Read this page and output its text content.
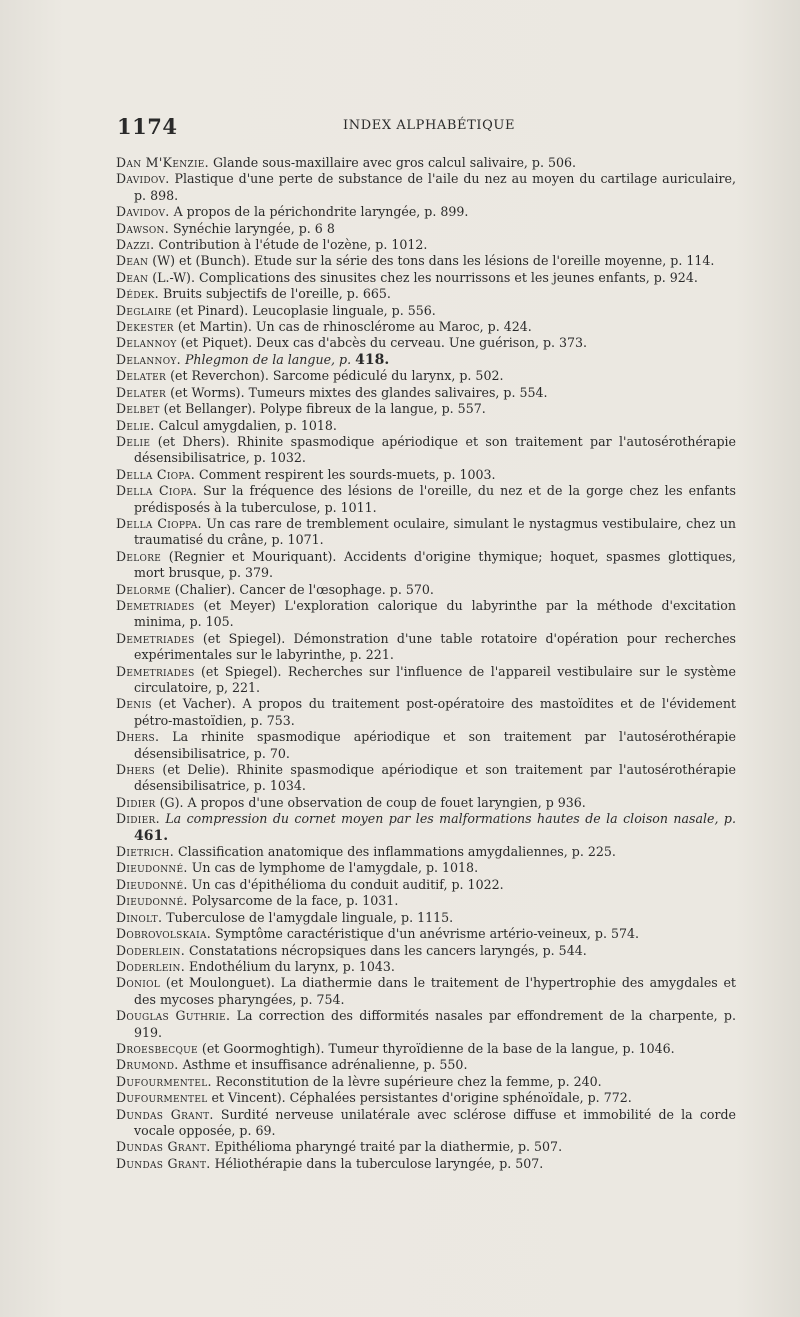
1174	INDEX ALPHABÉTIQUE
Dan M'Kenzie. Glande sous-maxillaire avec gros calcul salivaire, p. 506.
Davidov. Plastique d'une perte de substance de l'aile du nez au moyen du cartilage auriculaire, p. 898.
Davidov. A propos de la périchondrite laryngée, p. 899.
Dawson. Synéchie laryngée, p. 6 8
Dazzi. Contribution à l'étude de l'ozène, p. 1012.
Dean (W) et (Bunch). Etude sur la série des tons dans les lésions de l'oreille moyenne, p. 114.
Dean (L.-W). Complications des sinusites chez les nourrissons et les jeunes enfants, p. 924.
Dédek. Bruits subjectifs de l'oreille, p. 665.
Deglaire (et Pinard). Leucoplasie linguale, p. 556.
Dekester (et Martin). Un cas de rhinosclérome au Maroc, p. 424.
Delannoy (et Piquet). Deux cas d'abcès du cerveau. Une guérison, p. 373.
Delannoy. Phlegmon de la langue, p. 418.
Delater (et Reverchon). Sarcome pédiculé du larynx, p. 502.
Delater (et Worms). Tumeurs mixtes des glandes salivaires, p. 554.
Delbet (et Bellanger). Polype fibreux de la langue, p. 557.
Delie. Calcul amygdalien, p. 1018.
Delie (et Dhers). Rhinite spasmodique apériodique et son traitement par l'autosérothérapie désensibilisatrice, p. 1032.
Della Ciopa. Comment respirent les sourds-muets, p. 1003.
Della Ciopa. Sur la fréquence des lésions de l'oreille, du nez et de la gorge chez les enfants prédisposés à la tuberculose, p. 1011.
Della Cioppa. Un cas rare de tremblement oculaire, simulant le nystagmus vestibulaire, chez un traumatisé du crâne, p. 1071.
Delore (Regnier et Mouriquant). Accidents d'origine thymique; hoquet, spasmes glottiques, mort brusque, p. 379.
Delorme (Chalier). Cancer de l'œsophage. p. 570.
Demetriades (et Meyer) L'exploration calorique du labyrinthe par la méthode d'excitation minima, p. 105.
Demetriades (et Spiegel). Démonstration d'une table rotatoire d'opération pour recherches expérimentales sur le labyrinthe, p. 221.
Demetriades (et Spiegel). Recherches sur l'influence de l'appareil vestibulaire sur le système circulatoire, p, 221.
Denis (et Vacher). A propos du traitement post-opératoire des mastoïdites et de l'évidement pétro-mastoïdien, p. 753.
Dhers. La rhinite spasmodique apériodique et son traitement par l'autosérothérapie désensibilisatrice, p. 70.
Dhers (et Delie). Rhinite spasmodique apériodique et son traitement par l'autosérothérapie désensibilisatrice, p. 1034.
Didier (G). A propos d'une observation de coup de fouet laryngien, p 936.
Didier. La compression du cornet moyen par les malformations hautes de la cloison nasale, p. 461.
Dietrich. Classification anatomique des inflammations amygdaliennes, p. 225.
Dieudonné. Un cas de lymphome de l'amygdale, p. 1018.
Dieudonné. Un cas d'épithélioma du conduit auditif, p. 1022.
Dieudonné. Polysarcome de la face, p. 1031.
Dinolt. Tuberculose de l'amygdale linguale, p. 1115.
Dobrovolskaia. Symptôme caractéristique d'un anévrisme artério-veineux, p. 574.
Doderlein. Constatations nécropsiques dans les cancers laryngés, p. 544.
Doderlein. Endothélium du larynx, p. 1043.
Doniol (et Moulonguet). La diathermie dans le traitement de l'hypertrophie des amygdales et des mycoses pharyngées, p. 754.
Douglas Guthrie. La correction des difformités nasales par effondrement de la charpente, p. 919.
Droesbecque (et Goormoghtigh). Tumeur thyroïdienne de la base de la langue, p. 1046.
Drumond. Asthme et insuffisance adrénalienne, p. 550.
Dufourmentel. Reconstitution de la lèvre supérieure chez la femme, p. 240.
Dufourmentel et Vincent). Céphalées persistantes d'origine sphénoïdale, p. 772.
Dundas Grant. Surdité nerveuse unilatérale avec sclérose diffuse et immobilité de la corde vocale opposée, p. 69.
Dundas Grant. Epithélioma pharyngé traité par la diathermie, p. 507.
Dundas Grant. Héliothérapie dans la tuberculose laryngée, p. 507.
